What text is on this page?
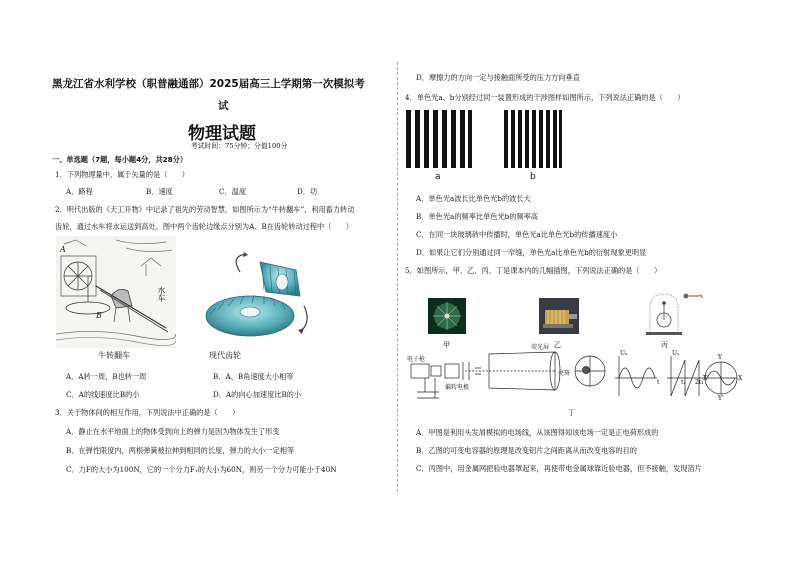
黑龙江省水利学校（职普融通部）2025届高三上学期第一次模拟考
试
物理试题
考试时间：75分钟；分值100分
一、单选题（7题，每小题4分，共28分）
1．下列物理量中，属于矢量的是（　　）
A．路程	B．速度	C．温度	D．功
2．明代出版的《天工开物》中记录了祖先的劳动智慧，如图所示为“牛转翻车”，利用畜力转动
齿轮，通过水车将水运送到高处。图中两个齿轮边缘点分别为A、B在齿轮转动过程中（　　）
A
B
水车
牛转翻车	现代齿轮
A．A转一周，B也转一周	B．A、B角速度大小相等
C．A的线速度比B的小	D．A的向心加速度比B的小
3．关于物体间的相互作用，下列说法中正确的是（　　）
A．静止在水平地面上的物体受到向上的弹力是因为物体发生了形变
B．在弹性限度内，两根弹簧被拉伸到相同的长度，弹力的大小一定相等
C．力F的大小为100N，它的一个分力F₁的大小为60N，则另一个分力可能小于40N
D．摩擦力的方向一定与接触面所受的压力方向垂直
4．单色光a、b分别经过同一装置形成的干涉图样如图所示，下列说法正确的是（　　）
a	b
A．单色光a波长比单色光b的波长大
B．单色光a的频率比单色光b的频率高
C．在同一块玻璃砖中传播时，单色光a比单色光b的传播速度小
D．如果让它们分别通过同一窄缝，单色光a比单色光b的衍射现象更明显
5．如图所示，甲、乙、丙、丁是课本内的几幅插图，下列说法正确的是（　　）
甲	乙	丙
电子枪
荧光屏
偏转电极
亮斑
Uₓ	Uᵧ
t	t₁ 2t₁
Y
X
X'
Y'
丁
A．甲图是利用头发屑模拟的电场线，从该图得知该电场一定是正电荷形成的
B．乙图的可变电容器的原理是改变铝片之间距离从而改变电容的目的
C．丙图中，用金属网把验电器罩起来，再使带电金属球靠近验电器，但不接触，发现箔片
